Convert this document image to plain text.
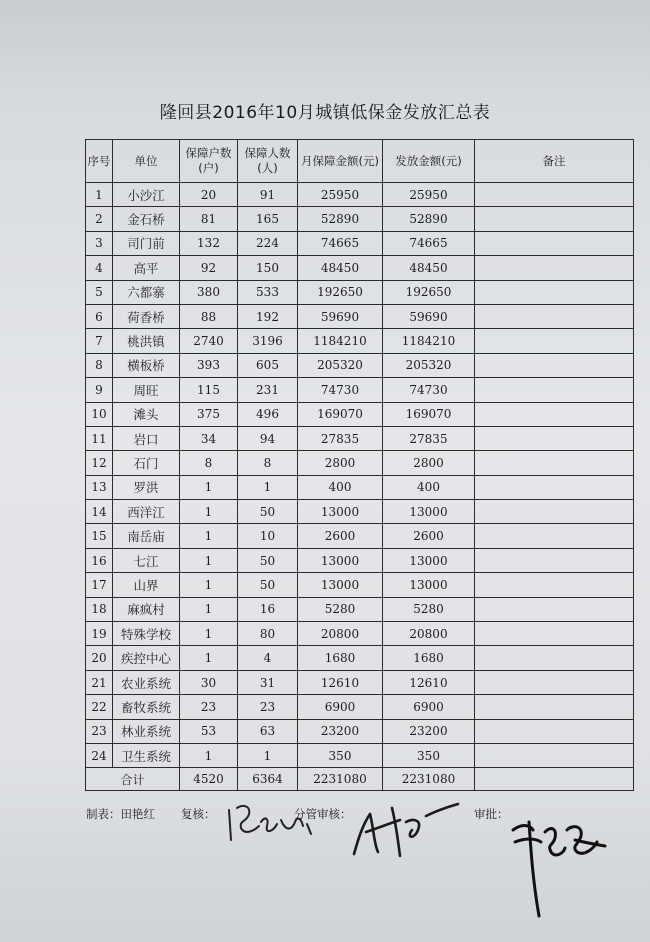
隆回县2016年10月城镇低保金发放汇总表
序号	单位	保障户数(户)	保障人数(人)	月保障金额(元)	发放金额(元)	备注
1	小沙江	20	91	25950	25950	
2	金石桥	81	165	52890	52890	
3	司门前	132	224	74665	74665	
4	高平	92	150	48450	48450	
5	六都寨	380	533	192650	192650	
6	荷香桥	88	192	59690	59690	
7	桃洪镇	2740	3196	1184210	1184210	
8	横板桥	393	605	205320	205320	
9	周旺	115	231	74730	74730	
10	滩头	375	496	169070	169070	
11	岩口	34	94	27835	27835	
12	石门	8	8	2800	2800	
13	罗洪	1	1	400	400	
14	西洋江	1	50	13000	13000	
15	南岳庙	1	10	2600	2600	
16	七江	1	50	13000	13000	
17	山界	1	50	13000	13000	
18	麻疯村	1	16	5280	5280	
19	特殊学校	1	80	20800	20800	
20	疾控中心	1	4	1680	1680	
21	农业系统	30	31	12610	12610	
22	畜牧系统	23	23	6900	6900	
23	林业系统	53	63	23200	23200	
24	卫生系统	1	1	350	350	
合计		4520	6364	2231080	2231080	
制表：田艳红 复核：	分管审核：	审批：
